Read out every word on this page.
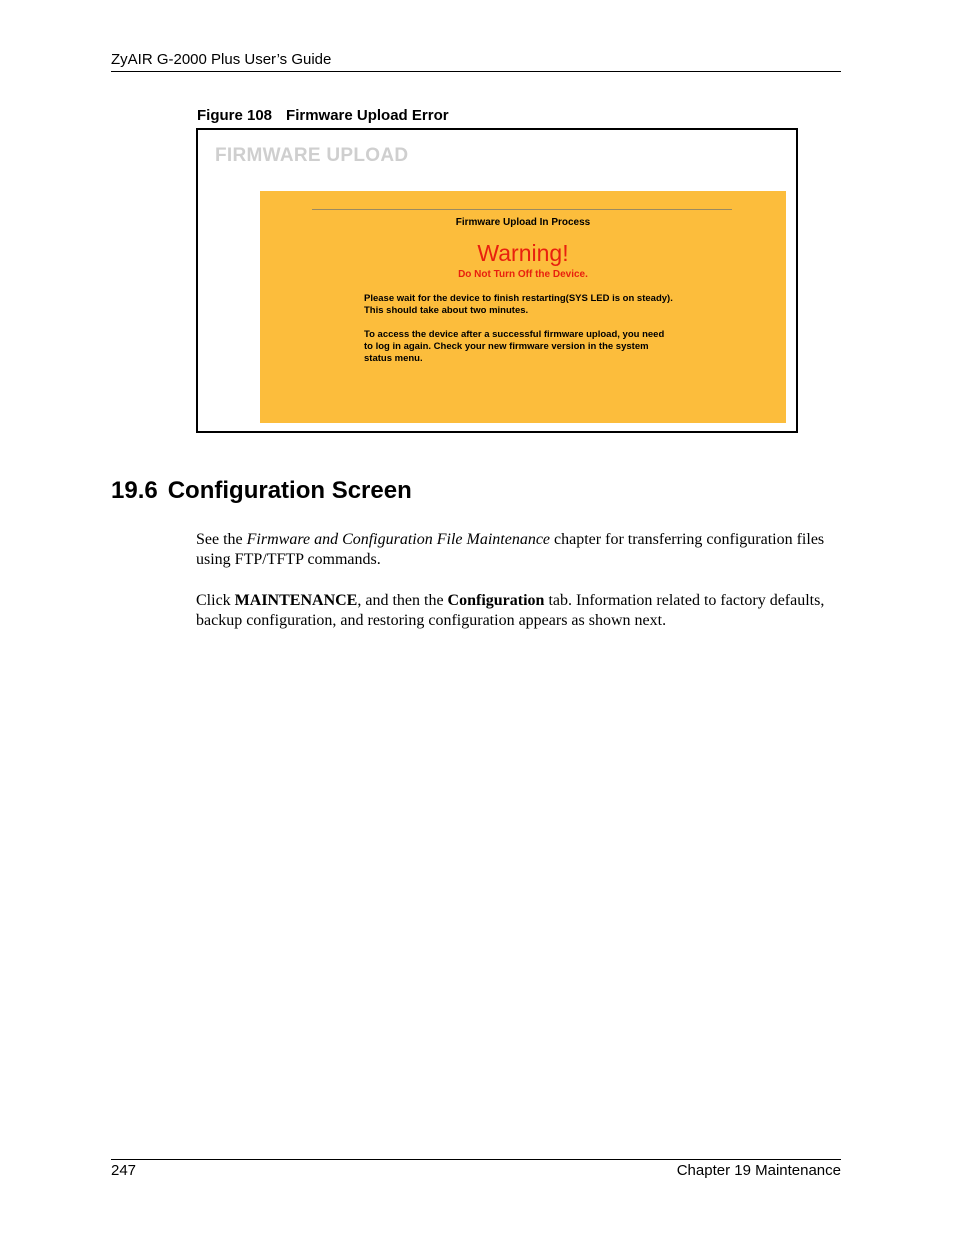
ZyAIR G-2000 Plus User’s Guide
Figure 108 Firmware Upload Error
FIRMWARE UPLOAD
Firmware Upload In Process
Warning!
Do Not Turn Off the Device.
Please wait for the device to finish restarting(SYS LED is on steady). This should take about two minutes.
To access the device after a successful firmware upload, you need to log in again. Check your new firmware version in the system status menu.
19.6 Configuration Screen
See the Firmware and Configuration File Maintenance chapter for transferring configuration files using FTP/TFTP commands.
Click MAINTENANCE, and then the Configuration tab. Information related to factory defaults, backup configuration, and restoring configuration appears as shown next.
247	Chapter 19 Maintenance
